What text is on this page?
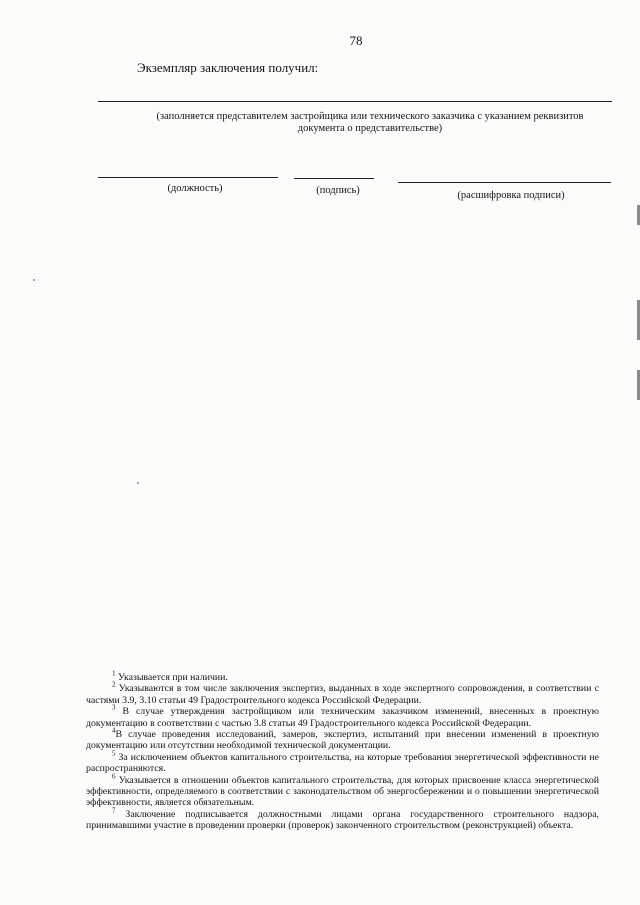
78
Экземпляр заключения получил:
(заполняется представителем застройщика или технического заказчика с указанием реквизитов
документа о представительстве)
(должность)	(подпись)	(расшифровка подписи)

$^1$ Указывается при наличии.

$^2$ Указываются в том числе заключения экспертиз, выданных в ходе экспертного сопровождения, в соответствии с частями 3.9, 3.10 статьи 49 Градостроительного кодекса Российской Федерации.

$^3$ В случае утверждения застройщиком или техническим заказчиком изменений, внесенных в проектную документацию в соответствии с частью 3.8 статьи 49 Градостроительного кодекса Российской Федерации.

$^4$В случае проведения исследований, замеров, экспертиз, испытаний при внесении изменений в проектную документацию или отсутствии необходимой технической документации.

$^5$ За исключением объектов капитального строительства, на которые требования энергетической эффективности не распространяются.

$^6$ Указывается в отношении объектов капитального строительства, для которых присвоение класса энергетической эффективности, определяемого в соответствии с законодательством об энергосбережении и о повышении энергетической эффективности, является обязательным.

$^7$ Заключение подписывается должностными лицами органа государственного строительного надзора, принимавшими участие в проведении проверки (проверок) законченного строительством (реконструкцией) объекта.
